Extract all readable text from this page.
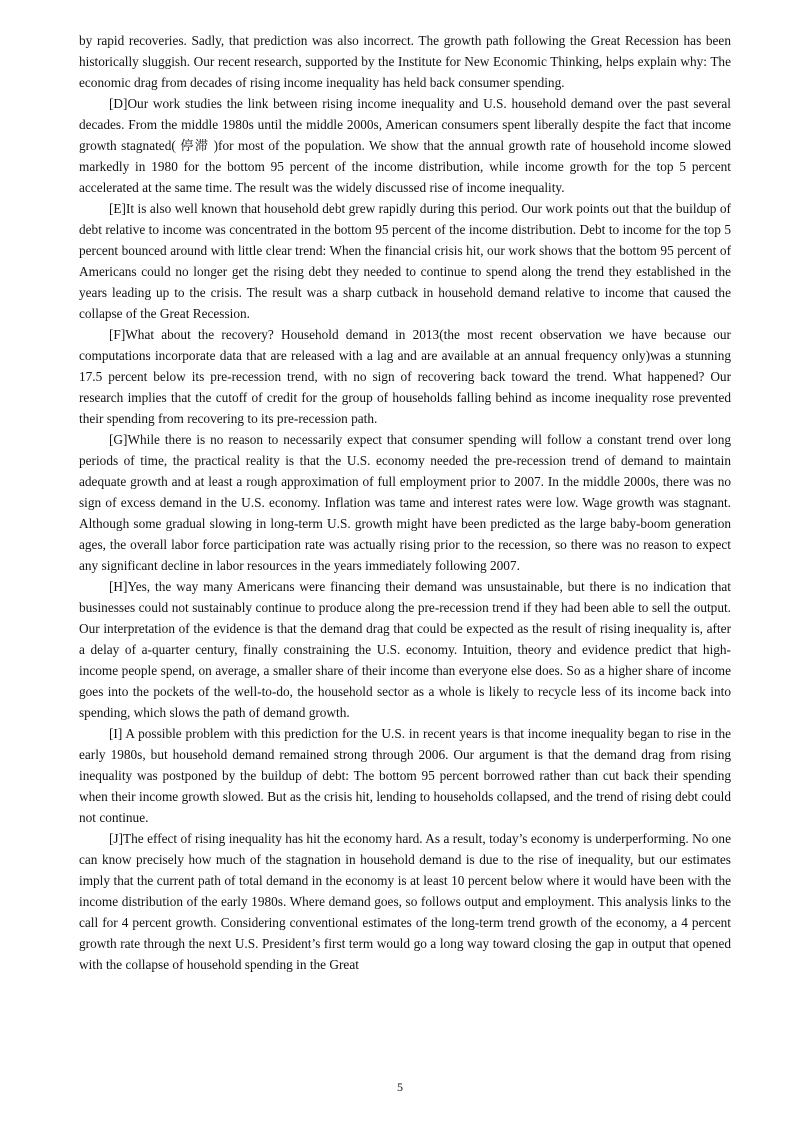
by rapid recoveries. Sadly, that prediction was also incorrect. The growth path following the Great Recession has been historically sluggish. Our recent research, supported by the Institute for New Economic Thinking, helps explain why: The economic drag from decades of rising income inequality has held back consumer spending.

[D]Our work studies the link between rising income inequality and U.S. household demand over the past several decades. From the middle 1980s until the middle 2000s, American consumers spent liberally despite the fact that income growth stagnated( 停滞 )for most of the population. We show that the annual growth rate of household income slowed markedly in 1980 for the bottom 95 percent of the income distribution, while income growth for the top 5 percent accelerated at the same time. The result was the widely discussed rise of income inequality.

[E]It is also well known that household debt grew rapidly during this period. Our work points out that the buildup of debt relative to income was concentrated in the bottom 95 percent of the income distribution. Debt to income for the top 5 percent bounced around with little clear trend: When the financial crisis hit, our work shows that the bottom 95 percent of Americans could no longer get the rising debt they needed to continue to spend along the trend they established in the years leading up to the crisis. The result was a sharp cutback in household demand relative to income that caused the collapse of the Great Recession.

[F]What about the recovery? Household demand in 2013(the most recent observation we have because our computations incorporate data that are released with a lag and are available at an annual frequency only)was a stunning 17.5 percent below its pre-recession trend, with no sign of recovering back toward the trend. What happened? Our research implies that the cutoff of credit for the group of households falling behind as income inequality rose prevented their spending from recovering to its pre-recession path.

[G]While there is no reason to necessarily expect that consumer spending will follow a constant trend over long periods of time, the practical reality is that the U.S. economy needed the pre-recession trend of demand to maintain adequate growth and at least a rough approximation of full employment prior to 2007. In the middle 2000s, there was no sign of excess demand in the U.S. economy. Inflation was tame and interest rates were low. Wage growth was stagnant. Although some gradual slowing in long-term U.S. growth might have been predicted as the large baby-boom generation ages, the overall labor force participation rate was actually rising prior to the recession, so there was no reason to expect any significant decline in labor resources in the years immediately following 2007.

[H]Yes, the way many Americans were financing their demand was unsustainable, but there is no indication that businesses could not sustainably continue to produce along the pre-recession trend if they had been able to sell the output. Our interpretation of the evidence is that the demand drag that could be expected as the result of rising inequality is, after a delay of a-quarter century, finally constraining the U.S. economy. Intuition, theory and evidence predict that high-income people spend, on average, a smaller share of their income than everyone else does. So as a higher share of income goes into the pockets of the well-to-do, the household sector as a whole is likely to recycle less of its income back into spending, which slows the path of demand growth.

[I] A possible problem with this prediction for the U.S. in recent years is that income inequality began to rise in the early 1980s, but household demand remained strong through 2006. Our argument is that the demand drag from rising inequality was postponed by the buildup of debt: The bottom 95 percent borrowed rather than cut back their spending when their income growth slowed. But as the crisis hit, lending to households collapsed, and the trend of rising debt could not continue.

[J]The effect of rising inequality has hit the economy hard. As a result, today’s economy is underperforming. No one can know precisely how much of the stagnation in household demand is due to the rise of inequality, but our estimates imply that the current path of total demand in the economy is at least 10 percent below where it would have been with the income distribution of the early 1980s. Where demand goes, so follows output and employment. This analysis links to the call for 4 percent growth. Considering conventional estimates of the long-term trend growth of the economy, a 4 percent growth rate through the next U.S. President’s first term would go a long way toward closing the gap in output that opened with the collapse of household spending in the Great

5
